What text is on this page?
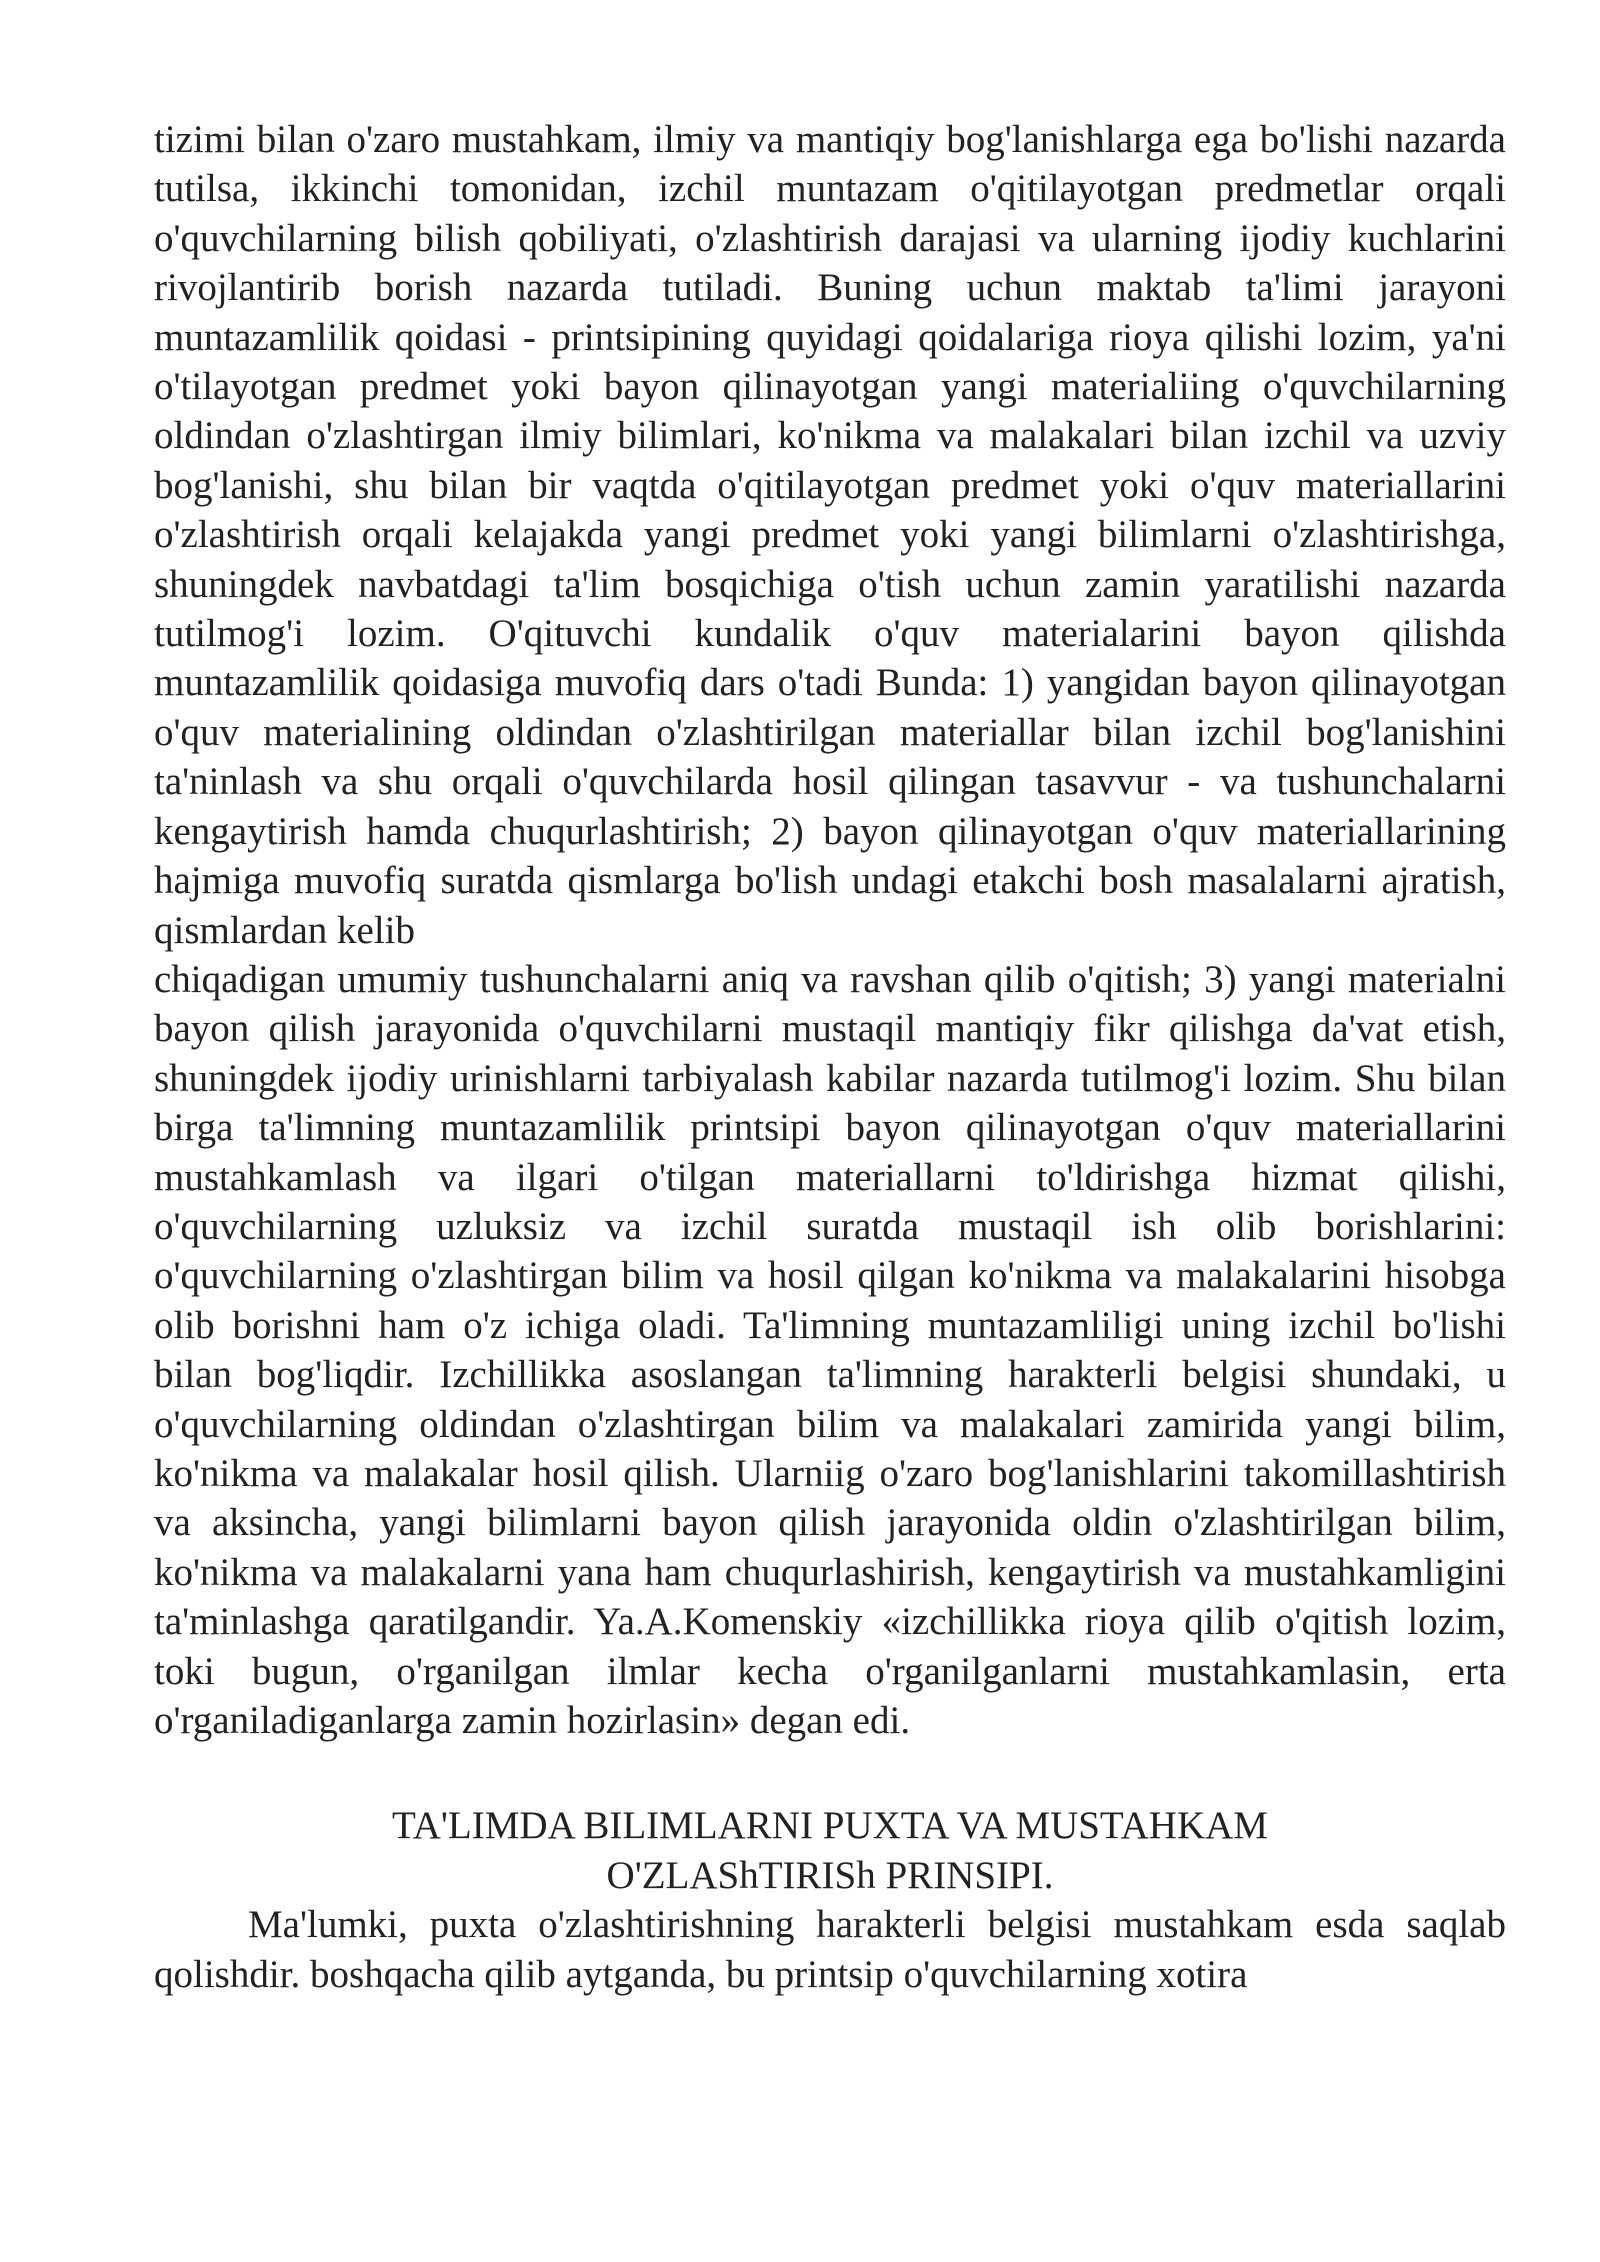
tizimi bilan o'zaro mustahkam, ilmiy va mantiqiy bog'lanishlarga ega bo'lishi nazarda tutilsa, ikkinchi tomonidan, izchil muntazam o'qitilayotgan predmetlar orqali o'quvchilarning bilish qobiliyati, o'zlashtirish darajasi va ularning ijodiy kuchlarini rivojlantirib borish nazarda tutiladi. Buning uchun maktab ta'limi jarayoni muntazamlilik qoidasi - printsipining quyidagi qoidalariga rioya qilishi lozim, ya'ni o'tilayotgan predmet yoki bayon qilinayotgan yangi materialiing o'quvchilarning oldindan o'zlashtirgan ilmiy bilimlari, ko'nikma va malakalari bilan izchil va uzviy bog'lanishi, shu bilan bir vaqtda o'qitilayotgan predmet yoki o'quv materiallarini o'zlashtirish orqali kelajakda yangi predmet yoki yangi bilimlarni o'zlashtirishga, shuningdek navbatdagi ta'lim bosqichiga o'tish uchun zamin yaratilishi nazarda tutilmog'i lozim. O'qituvchi kundalik o'quv materialarini bayon qilishda muntazamlilik qoidasiga muvofiq dars o'tadi Bunda: 1) yangidan bayon qilinayotgan o'quv materialining oldindan o'zlashtirilgan materiallar bilan izchil bog'lanishini ta'ninlash va shu orqali o'quvchilarda hosil qilingan tasavvur - va tushunchalarni kengaytirish hamda chuqurlashtirish; 2) bayon qilinayotgan o'quv materiallarining hajmiga muvofiq suratda qismlarga bo'lish undagi etakchi bosh masalalarni ajratish, qismlardan kelib

chiqadigan umumiy tushunchalarni aniq va ravshan qilib o'qitish; 3) yangi materialni bayon qilish jarayonida o'quvchilarni mustaqil mantiqiy fikr qilishga da'vat etish, shuningdek ijodiy urinishlarni tarbiyalash kabilar nazarda tutilmog'i lozim. Shu bilan birga ta'limning muntazamlilik printsipi bayon qilinayotgan o'quv materiallarini mustahkamlash va ilgari o'tilgan materiallarni to'ldirishga hizmat qilishi, o'quvchilarning uzluksiz va izchil suratda mustaqil ish olib borishlarini: o'quvchilarning o'zlashtirgan bilim va hosil qilgan ko'nikma va malakalarini hisobga olib borishni ham o'z ichiga oladi. Ta'limning muntazamliligi uning izchil bo'lishi bilan bog'liqdir. Izchillikka asoslangan ta'limning harakterli belgisi shundaki, u o'quvchilarning oldindan o'zlashtirgan bilim va malakalari zamirida yangi bilim, ko'nikma va malakalar hosil qilish. Ularniig o'zaro bog'lanishlarini takomillashtirish va aksincha, yangi bilimlarni bayon qilish jarayonida oldin o'zlashtirilgan bilim, ko'nikma va malakalarni yana ham chuqurlashirish, kengaytirish va mustahkamligini ta'minlashga qaratilgandir. Ya.A.Komenskiy «izchillikka rioya qilib o'qitish lozim, toki bugun, o'rganilgan ilmlar kecha o'rganilganlarni mustahkamlasin, erta o'rganiladiganlarga zamin hozirlasin» degan edi.

TA'LIMDA BILIMLARNI PUXTA VA MUSTAHKAM
O'ZLAShTIRISh PRINSIPI.

Ma'lumki, puxta o'zlashtirishning harakterli belgisi mustahkam esda saqlab qolishdir. boshqacha qilib aytganda, bu printsip o'quvchilarning xotira
